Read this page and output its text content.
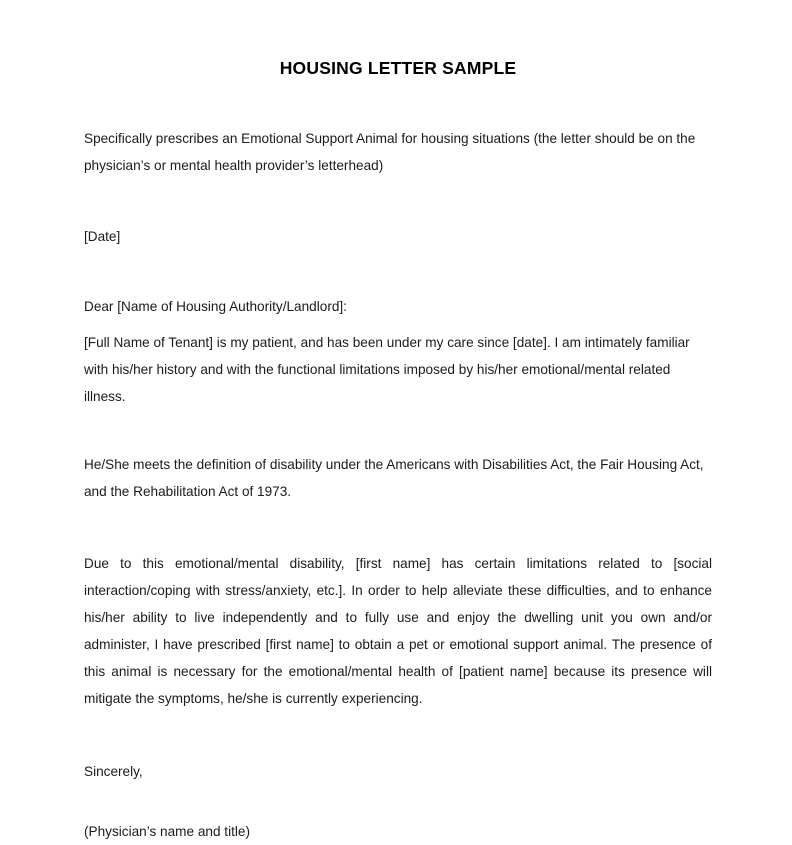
HOUSING LETTER SAMPLE

Specifically prescribes an Emotional Support Animal for housing situations (the letter should be on the physician’s or mental health provider’s letterhead)

[Date]

Dear [Name of Housing Authority/Landlord]:

[Full Name of Tenant] is my patient, and has been under my care since [date]. I am intimately familiar with his/her history and with the functional limitations imposed by his/her emotional/mental related illness.

He/She meets the definition of disability under the Americans with Disabilities Act, the Fair Housing Act, and the Rehabilitation Act of 1973.

Due to this emotional/mental disability, [first name] has certain limitations related to [social interaction/coping with stress/anxiety, etc.]. In order to help alleviate these difficulties, and to enhance his/her ability to live independently and to fully use and enjoy the dwelling unit you own and/or administer, I have prescribed [first name] to obtain a pet or emotional support animal. The presence of this animal is necessary for the emotional/mental health of [patient name] because its presence will mitigate the symptoms, he/she is currently experiencing.

Sincerely,

(Physician’s name and title)
